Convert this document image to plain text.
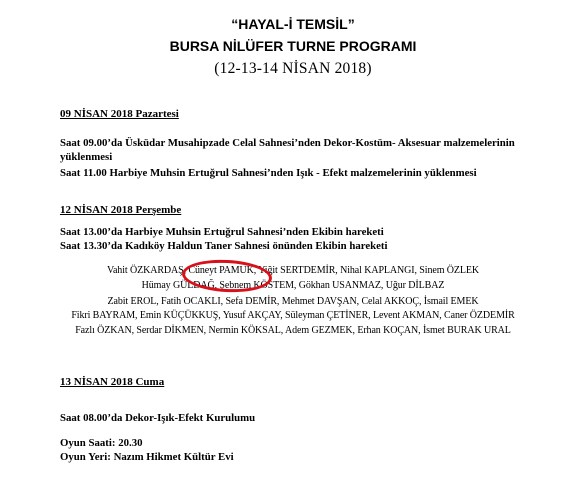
“HAYAL-İ TEMSİL”
BURSA NİLÜFER TURNE PROGRAMI
(12-13-14 NİSAN 2018)
09 NİSAN 2018 Pazartesi
Saat 09.00’da Üsküdar Musahipzade Celal Sahnesi’nden Dekor-Kostüm- Aksesuar malzemelerinin
yüklenmesi
Saat 11.00 Harbiye Muhsin Ertuğrul Sahnesi’nden Işık - Efekt malzemelerinin yüklenmesi
12 NİSAN 2018 Perşembe
Saat 13.00’da Harbiye Muhsin Ertuğrul Sahnesi’nden Ekibin hareketi
Saat 13.30’da Kadıköy Haldun Taner Sahnesi önünden Ekibin hareketi
Vahit ÖZKARDAŞ, Cüneyt PAMUK, Yiğit SERTDEMİR, Nihal KAPLANGI, Sinem ÖZLEK
Hümay GÜLDAĞ, Şebnem KÖSTEM, Gökhan USANMAZ, Uğur DİLBAZ
Zabit EROL, Fatih OCAKLI, Sefa DEMİR, Mehmet DAVŞAN, Celal AKKOÇ, İsmail EMEK
Fikri BAYRAM, Emin KÜÇÜKKUŞ, Yusuf AKÇAY, Süleyman ÇETİNER, Levent AKMAN, Caner ÖZDEMİR
Fazlı ÖZKAN, Serdar DİKMEN, Nermin KÖKSAL, Adem GEZMEK, Erhan KOÇAN, İsmet BURAK URAL
13 NİSAN 2018 Cuma
Saat 08.00’da Dekor-Işık-Efekt Kurulumu
Oyun Saati: 20.30
Oyun Yeri: Nazım Hikmet Kültür Evi
